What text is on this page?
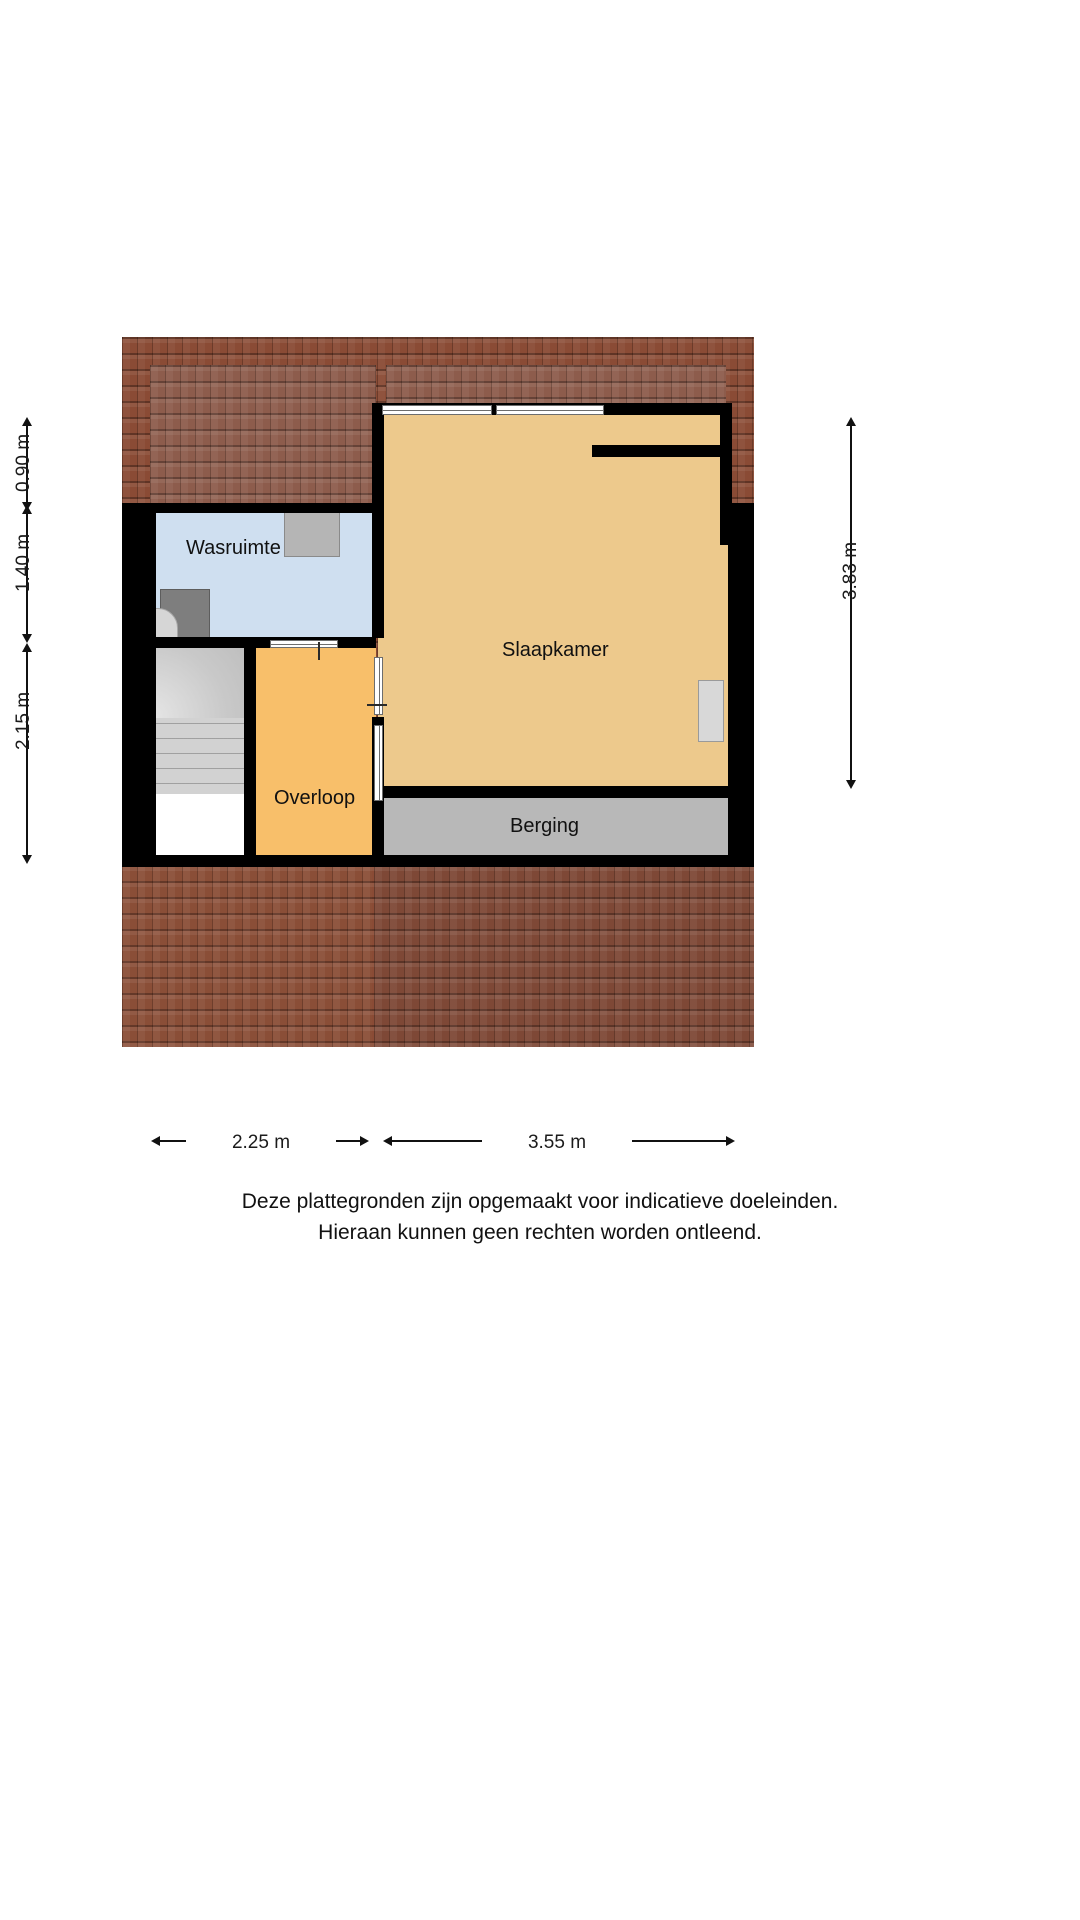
Wasruimte
Slaapkamer
Overloop
Berging
0.90 m
1.40 m
2.15 m
3.83 m
2.25 m	3.55 m
Deze plattegronden zijn opgemaakt voor indicatieve doeleinden.
Hieraan kunnen geen rechten worden ontleend.
